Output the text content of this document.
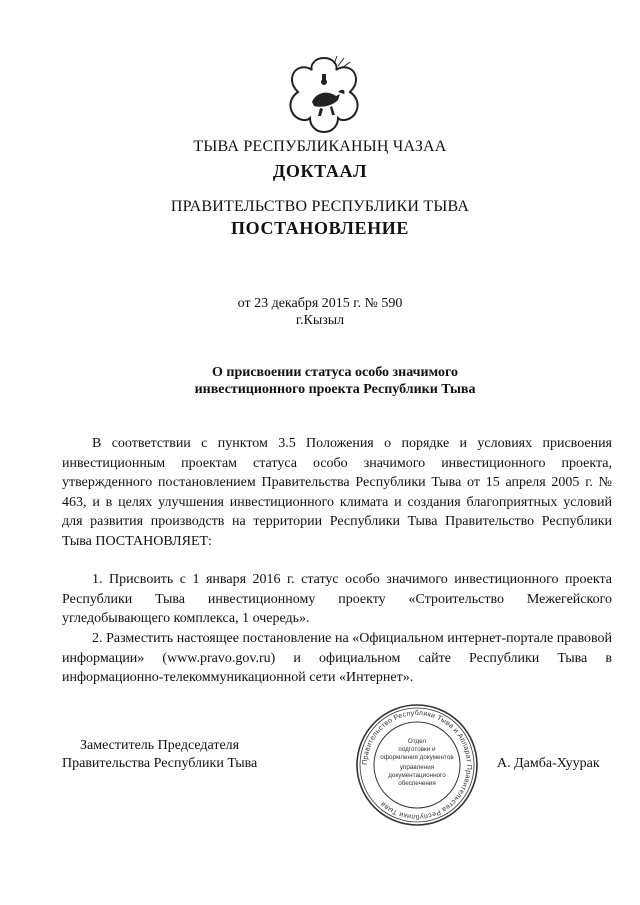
ТЫВА РЕСПУБЛИКАНЫҢ ЧАЗАА
ДОКТААЛ
ПРАВИТЕЛЬСТВО РЕСПУБЛИКИ ТЫВА
ПОСТАНОВЛЕНИЕ
от 23 декабря 2015 г. № 590
г.Кызыл
О присвоении статуса особо значимого
инвестиционного проекта Республики Тыва
В соответствии с пунктом 3.5 Положения о порядке и условиях присвоения инвестиционным проектам статуса особо значимого инвестиционного проекта, утвержденного постановлением Правительства Республики Тыва от 15 апреля 2005 г. № 463, и в целях улучшения инвестиционного климата и создания благоприятных условий для развития производств на территории Республики Тыва Правительство Республики Тыва ПОСТАНОВЛЯЕТ:
1. Присвоить с 1 января 2016 г. статус особо значимого инвестиционного проекта Республики Тыва инвестиционному проекту «Строительство Межегейского угледобывающего комплекса, 1 очередь».
2. Разместить настоящее постановление на «Официальном интернет-портале правовой информации» (www.pravo.gov.ru) и официальном сайте Республики Тыва в информационно-телекоммуникационной сети «Интернет».
Заместитель Председателя
Правительства Республики Тыва	А. Дамба-Хуурак
Правительство Республики Тыва и Аппарат Правительства Республики Тыва
Отдел
подготовки и
оформления документов
управления
документационного
обеспечения
